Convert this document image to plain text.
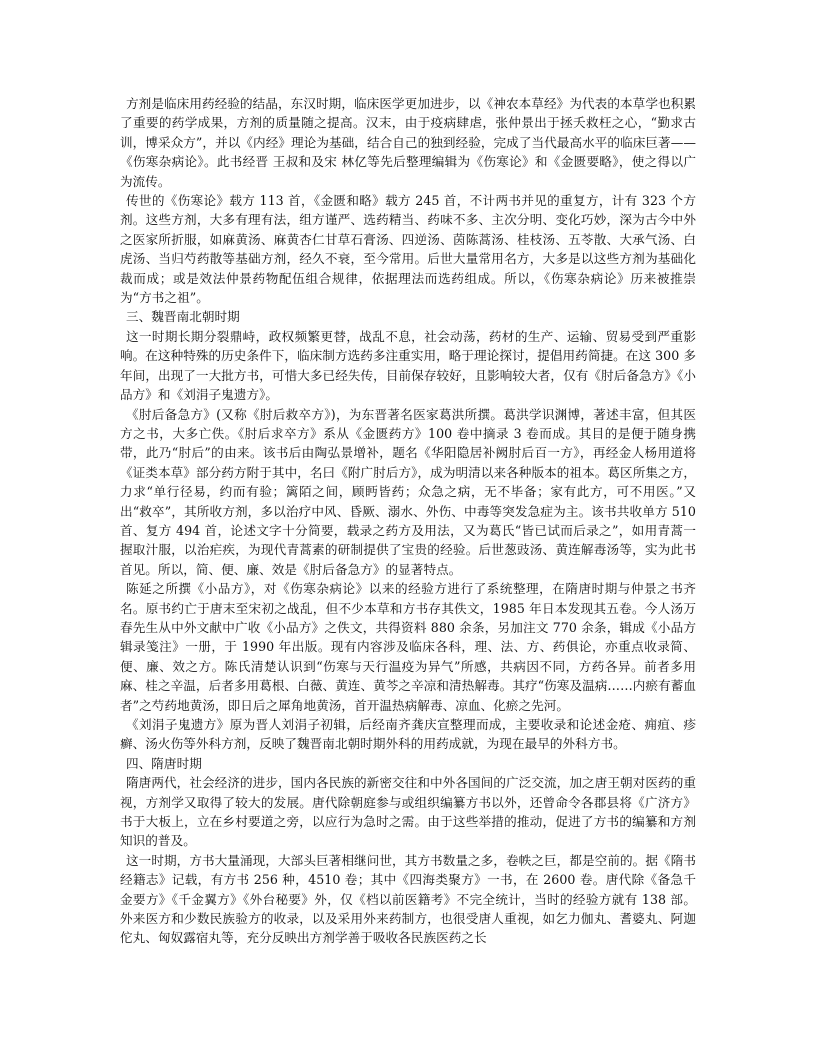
方剂是临床用药经验的结晶，东汉时期，临床医学更加进步，以《神农本草经》为代表的本草学也积累了重要的药学成果，方剂的质量随之提高。汉末，由于疫病肆虐，张仲景出于拯夭救枉之心，“勤求古训，博采众方”，并以《内经》理论为基础，结合自己的独到经验，完成了当代最高水平的临床巨著——《伤寒杂病论》。此书经晋 王叔和及宋 林亿等先后整理编辑为《伤寒论》和《金匮要略》，使之得以广为流传。

传世的《伤寒论》载方 113 首，《金匮和略》载方 245 首，不计两书并见的重复方，计有 323 个方剂。这些方剂，大多有理有法，组方谨严、选药精当、药味不多、主次分明、变化巧妙，深为古今中外之医家所折服，如麻黄汤、麻黄杏仁甘草石膏汤、四逆汤、茵陈蒿汤、桂枝汤、五苓散、大承气汤、白虎汤、当归芍药散等基础方剂，经久不衰，至今常用。后世大量常用名方，大多是以这些方剂为基础化裁而成；或是效法仲景药物配伍组合规律，依据理法而选药组成。所以，《伤寒杂病论》历来被推崇为“方书之祖”。

三、魏晋南北朝时期

这一时期长期分裂鼎峙，政权频繁更替，战乱不息，社会动荡，药材的生产、运输、贸易受到严重影响。在这种特殊的历史条件下，临床制方选药多注重实用，略于理论探讨，提倡用药简捷。在这 300 多年间，出现了一大批方书，可惜大多已经失传，目前保存较好，且影响较大者，仅有《肘后备急方》《小品方》和《刘涓子鬼遗方》。

《肘后备急方》(又称《肘后救卒方》)，为东晋著名医家葛洪所撰。葛洪学识渊博，著述丰富，但其医方之书，大多亡佚。《肘后求卒方》系从《金匮药方》100 卷中摘录 3 卷而成。其目的是便于随身携带，此乃“肘后”的由来。该书后由陶弘景增补，题名《华阳隐居补阙肘后百一方》，再经金人杨用道将《证类本草》部分药方附于其中，名曰《附广肘后方》，成为明清以来各种版本的祖本。葛区所集之方，力求“单行径易，约而有验；篱陌之间，顾眄皆药；众急之病，无不毕备；家有此方，可不用医。”又出“救卒”，其所收方剂，多以治疗中风、昏厥、溺水、外伤、中毒等突发急症为主。该书共收单方 510 首、复方 494 首，论述文字十分简要，载录之药方及用法，又为葛氏“皆已试而后录之”，如用青蒿一握取汁服，以治疟疾，为现代青蒿素的研制提供了宝贵的经验。后世葱豉汤、黄连解毒汤等，实为此书首见。所以，简、便、廉、效是《肘后备急方》的显著特点。

陈延之所撰《小品方》，对《伤寒杂病论》以来的经验方进行了系统整理，在隋唐时期与仲景之书齐名。原书约亡于唐末至宋初之战乱，但不少本草和方书存其佚文，1985 年日本发现其五卷。今人汤万春先生从中外文献中广收《小品方》之佚文，共得资料 880 余条，另加注文 770 余条，辑成《小品方辑录笺注》一册，于 1990 年出版。现有内容涉及临床各科，理、法、方、药俱论，亦重点收录简、便、廉、效之方。陈氏清楚认识到“伤寒与天行温疫为异气”所感，共病因不同，方药各异。前者多用麻、桂之辛温，后者多用葛根、白薇、黄连、黄芩之辛凉和清热解毒。其疗“伤寒及温病……内瘀有蓄血者”之芍药地黄汤，即日后之犀角地黄汤，首开温热病解毒、凉血、化瘀之先河。

《刘涓子鬼遗方》原为晋人刘涓子初辑，后经南齐龚庆宣整理而成，主要收录和论述金疮、痈疽、疹癣、汤火伤等外科方剂，反映了魏晋南北朝时期外科的用药成就，为现在最早的外科方书。

四、隋唐时期

隋唐两代，社会经济的进步，国内各民族的新密交往和中外各国间的广泛交流，加之唐王朝对医药的重视，方剂学又取得了较大的发展。唐代除朝庭参与或组织编纂方书以外，还曾命令各郡县将《广济方》书于大板上，立在乡村要道之旁，以应行为急时之需。由于这些举措的推动，促进了方书的编纂和方剂知识的普及。

这一时期，方书大量涌现，大部头巨著相继问世，其方书数量之多，卷帙之巨，都是空前的。据《隋书 经籍志》记载，有方书 256 种，4510 卷；其中《四海类聚方》一书，在 2600 卷。唐代除《备急千金要方》《千金翼方》《外台秘要》外，仅《档以前医籍考》不完全统计，当时的经验方就有 138 部。外来医方和少数民族验方的收录，以及采用外来药制方，也很受唐人重视，如乞力伽丸、耆婆丸、阿迦佗丸、匈奴露宿丸等，充分反映出方剂学善于吸收各民族医药之长
